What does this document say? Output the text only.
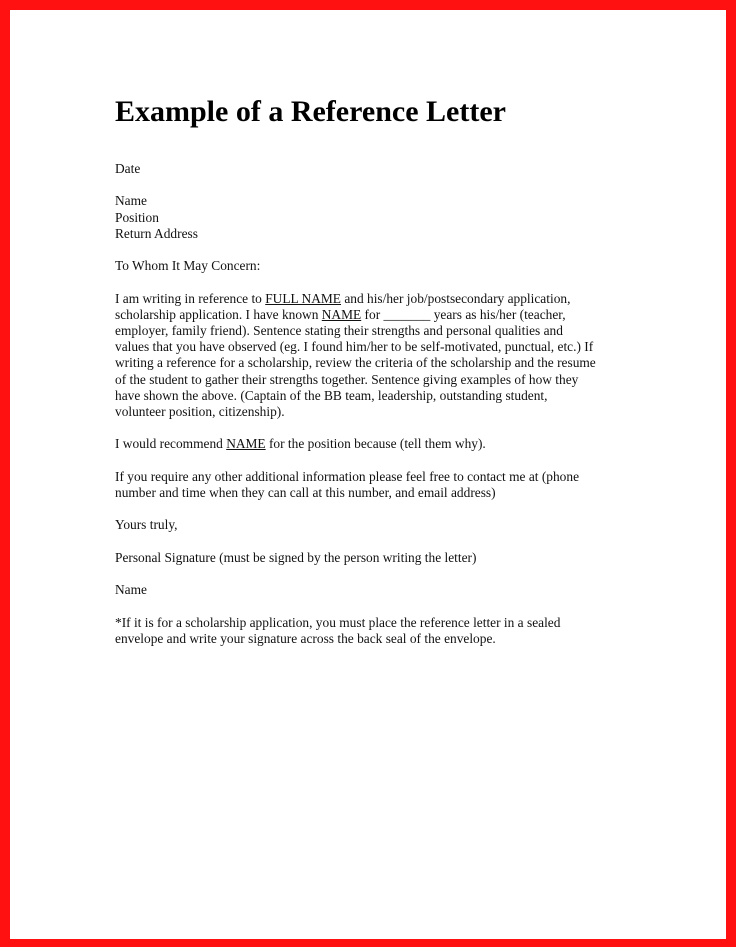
Example of a Reference Letter
Date
Name
Position
Return Address
To Whom It May Concern:
I am writing in reference to FULL NAME and his/her job/postsecondary application,
scholarship application. I have known NAME for _______ years as his/her (teacher,
employer, family friend). Sentence stating their strengths and personal qualities and
values that you have observed (eg. I found him/her to be self-motivated, punctual, etc.) If
writing a reference for a scholarship, review the criteria of the scholarship and the resume
of the student to gather their strengths together. Sentence giving examples of how they
have shown the above. (Captain of the BB team, leadership, outstanding student,
volunteer position, citizenship).
I would recommend NAME for the position because (tell them why).
If you require any other additional information please feel free to contact me at (phone
number and time when they can call at this number, and email address)
Yours truly,
Personal Signature (must be signed by the person writing the letter)
Name
*If it is for a scholarship application, you must place the reference letter in a sealed
envelope and write your signature across the back seal of the envelope.
